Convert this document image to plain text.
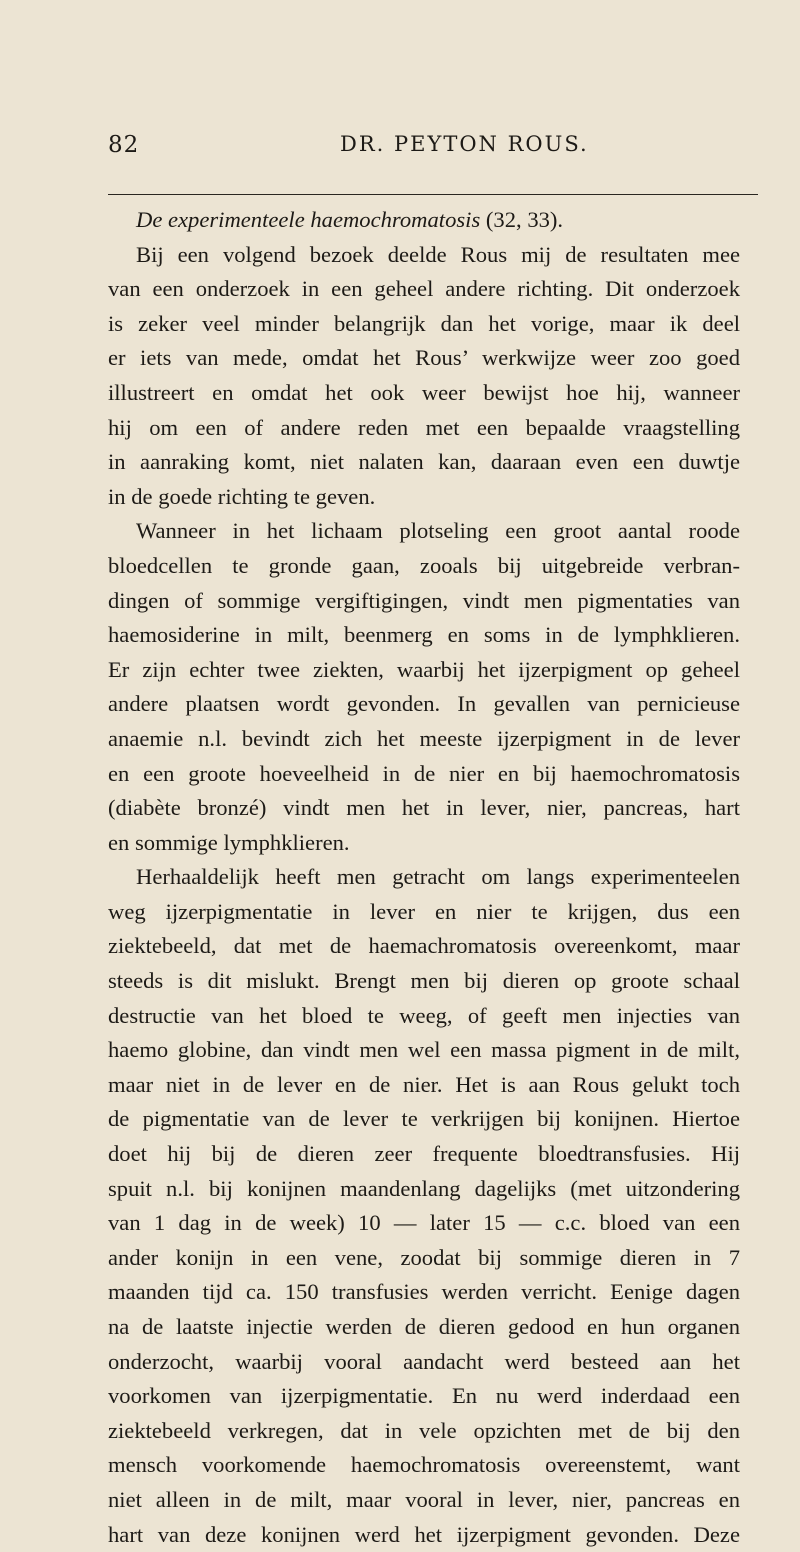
82	DR. PEYTON ROUS.
De experimenteele haemochromatosis (32, 33).
Bij een volgend bezoek deelde Rous mij de resultaten mee
van een onderzoek in een geheel andere richting. Dit onderzoek
is zeker veel minder belangrijk dan het vorige, maar ik deel
er iets van mede, omdat het Rous’ werkwijze weer zoo goed
illustreert en omdat het ook weer bewijst hoe hij, wanneer
hij om een of andere reden met een bepaalde vraagstelling
in aanraking komt, niet nalaten kan, daaraan even een duwtje
in de goede richting te geven.
Wanneer in het lichaam plotseling een groot aantal roode
bloedcellen te gronde gaan, zooals bij uitgebreide verbran-
dingen of sommige vergiftigingen, vindt men pigmentaties van
haemosiderine in milt, beenmerg en soms in de lymphklieren.
Er zijn echter twee ziekten, waarbij het ijzerpigment op geheel
andere plaatsen wordt gevonden. In gevallen van pernicieuse
anaemie n.l. bevindt zich het meeste ijzerpigment in de lever
en een groote hoeveelheid in de nier en bij haemochromatosis
(diabète bronzé) vindt men het in lever, nier, pancreas, hart
en sommige lymphklieren.
Herhaaldelijk heeft men getracht om langs experimenteelen
weg ijzerpigmentatie in lever en nier te krijgen, dus een
ziektebeeld, dat met de haemachromatosis overeenkomt, maar
steeds is dit mislukt. Brengt men bij dieren op groote schaal
destructie van het bloed te weeg, of geeft men injecties van
haemo globine, dan vindt men wel een massa pigment in de milt,
maar niet in de lever en de nier. Het is aan Rous gelukt toch
de pigmentatie van de lever te verkrijgen bij konijnen. Hiertoe
doet hij bij de dieren zeer frequente bloedtransfusies. Hij
spuit n.l. bij konijnen maandenlang dagelijks (met uitzondering
van 1 dag in de week) 10 — later 15 — c.c. bloed van een
ander konijn in een vene, zoodat bij sommige dieren in 7
maanden tijd ca. 150 transfusies werden verricht. Eenige dagen
na de laatste injectie werden de dieren gedood en hun organen
onderzocht, waarbij vooral aandacht werd besteed aan het
voorkomen van ijzerpigmentatie. En nu werd inderdaad een
ziektebeeld verkregen, dat in vele opzichten met de bij den
mensch voorkomende haemochromatosis overeenstemt, want
niet alleen in de milt, maar vooral in lever, nier, pancreas en
hart van deze konijnen werd het ijzerpigment gevonden. Deze
